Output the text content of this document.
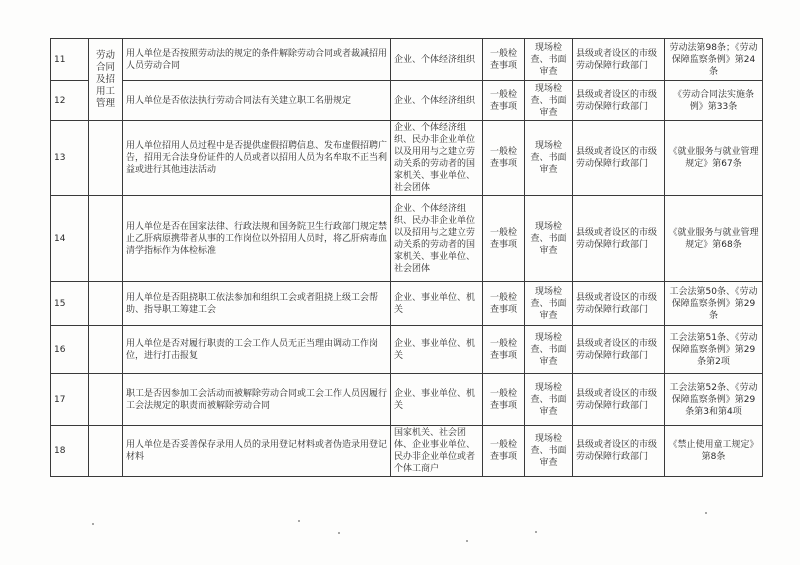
11	劳动合同及招用工管理	用人单位是否按照劳动法的规定的条件解除劳动合同或者裁减招用人员劳动合同	企业、个体经济组织	一般检查事项	现场检查、书面审查	县级或者设区的市级劳动保障行政部门	劳动法第98条；《劳动保障监察条例》第24条
12		用人单位是否依法执行劳动合同法有关建立职工名册规定	企业、个体经济组织	一般检查事项	现场检查、书面审查	县级或者设区的市级劳动保障行政部门	《劳动合同法实施条例》第33条
13		用人单位招用人员过程中是否提供虚假招聘信息、发布虚假招聘广告，招用无合法身份证件的人员或者以招用人员为名牟取不正当利益或进行其他违法活动	企业、个体经济组织、民办非企业单位以及用用与之建立劳动关系的劳动者的国家机关、事业单位、社会团体	一般检查事项	现场检查、书面审查	县级或者设区的市级劳动保障行政部门	《就业服务与就业管理规定》第67条
14		用人单位是否在国家法律、行政法规和国务院卫生行政部门规定禁止乙肝病原携带者从事的工作岗位以外招用人员时，将乙肝病毒血清学指标作为体检标准	企业、个体经济组织、民办非企业单位以及招用与之建立劳动关系的劳动者的国家机关、事业单位、社会团体	一般检查事项	现场检查、书面审查	县级或者设区的市级劳动保障行政部门	《就业服务与就业管理规定》第68条
15		用人单位是否阻挠职工依法参加和组织工会或者阻挠上级工会帮助、指导职工筹建工会	企业、事业单位、机关	一般检查事项	现场检查、书面审查	县级或者设区的市级劳动保障行政部门	工会法第50条、《劳动保障监察条例》第29条
16		用人单位是否对履行职责的工会工作人员无正当理由调动工作岗位，进行打击报复	企业、事业单位、机关	一般检查事项	现场检查、书面审查	县级或者设区的市级劳动保障行政部门	工会法第51条、《劳动保障监察条例》第29条第2项
17		职工是否因参加工会活动而被解除劳动合同或工会工作人员因履行工会法规定的职责而被解除劳动合同	企业、事业单位、机关	一般检查事项	现场检查、书面审查	县级或者设区的市级劳动保障行政部门	工会法第52条、《劳动保障监察条例》第29条第3和第4项
18		用人单位是否妥善保存录用人员的录用登记材料或者伪造录用登记材料	国家机关、社会团体、企业事业单位、民办非企业单位或者个体工商户	一般检查事项	现场检查、书面审查	县级或者设区的市级劳动保障行政部门	《禁止使用童工规定》第8条
